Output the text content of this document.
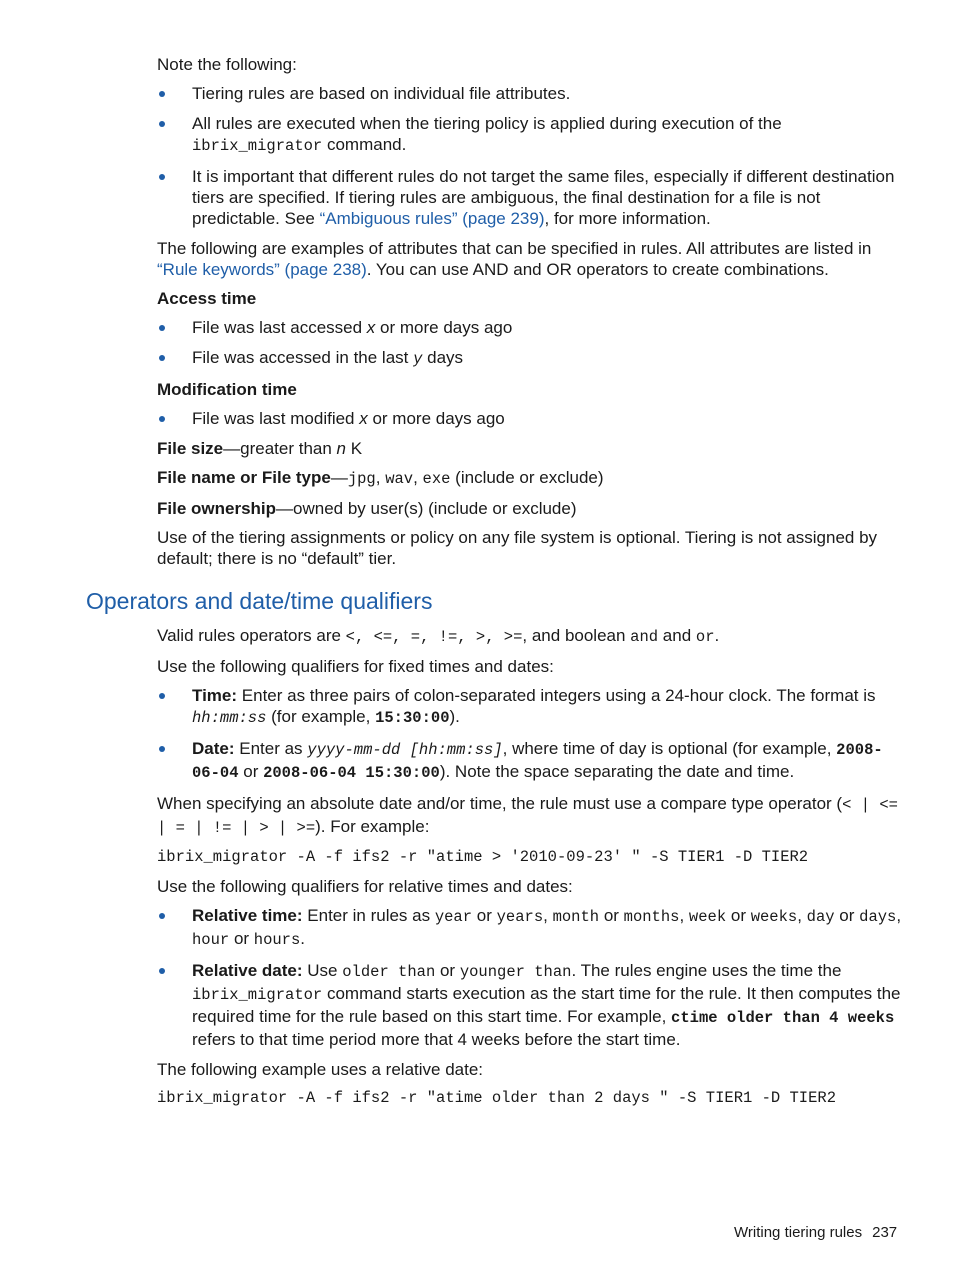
Note the following:

Tiering rules are based on individual file attributes.
All rules are executed when the tiering policy is applied during execution of the ibrix_migrator command.
It is important that different rules do not target the same files, especially if different destination tiers are specified. If tiering rules are ambiguous, the final destination for a file is not predictable. See “Ambiguous rules” (page 239), for more information.

The following are examples of attributes that can be specified in rules. All attributes are listed in “Rule keywords” (page 238). You can use AND and OR operators to create combinations.

Access time

File was last accessed x or more days ago
File was accessed in the last y days

Modification time

File was last modified x or more days ago

File size—greater than n K

File name or File type—jpg, wav, exe (include or exclude)

File ownership—owned by user(s) (include or exclude)

Use of the tiering assignments or policy on any file system is optional. Tiering is not assigned by default; there is no “default” tier.

Operators and date/time qualifiers

Valid rules operators are <, <=, =, !=, >, >=, and boolean and and or.

Use the following qualifiers for fixed times and dates:

Time: Enter as three pairs of colon-separated integers using a 24-hour clock. The format is hh:mm:ss (for example, 15:30:00).
Date: Enter as yyyy-mm-dd [hh:mm:ss], where time of day is optional (for example, 2008-06-04 or 2008-06-04 15:30:00). Note the space separating the date and time.

When specifying an absolute date and/or time, the rule must use a compare type operator (< | <= | = | != | > | >=). For example:

ibrix_migrator -A -f ifs2 -r "atime > '2010-09-23' " -S TIER1 -D TIER2

Use the following qualifiers for relative times and dates:

Relative time: Enter in rules as year or years, month or months, week or weeks, day or days, hour or hours.
Relative date: Use older than or younger than. The rules engine uses the time the ibrix_migrator command starts execution as the start time for the rule. It then computes the required time for the rule based on this start time. For example, ctime older than 4 weeks refers to that time period more that 4 weeks before the start time.

The following example uses a relative date:

ibrix_migrator -A -f ifs2 -r "atime older than 2 days " -S TIER1 -D TIER2
Writing tiering rules 237
